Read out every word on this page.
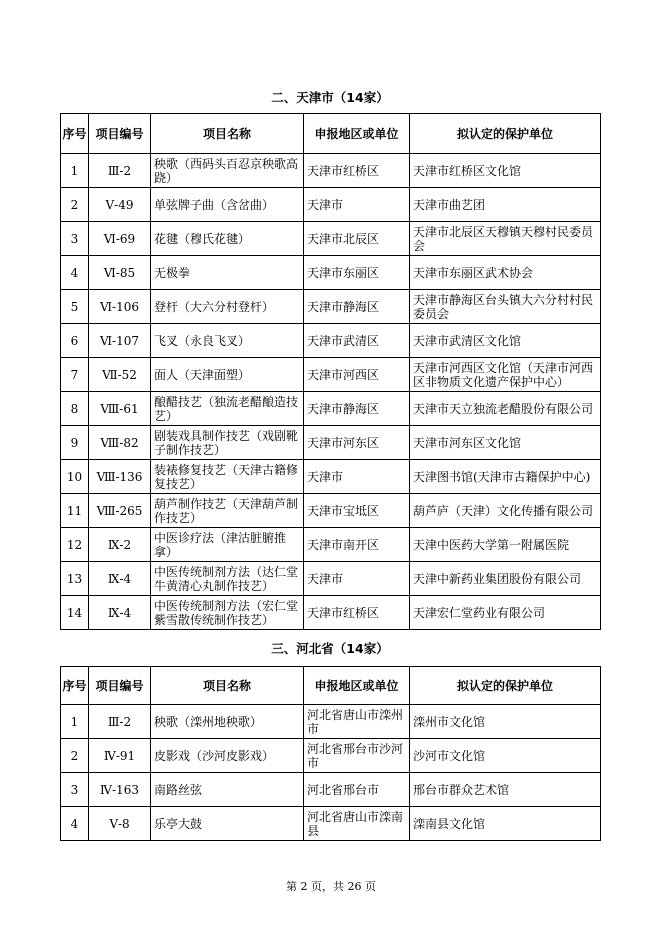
二、天津市（14家）
序号	项目编号	项目名称	申报地区或单位	拟认定的保护单位
1	Ⅲ-2	秧歌（西码头百忍京秧歌高跷）	天津市红桥区	天津市红桥区文化馆
2	Ⅴ-49	单弦牌子曲（含岔曲）	天津市	天津市曲艺团
3	Ⅵ-69	花毽（穆氏花毽）	天津市北辰区	天津市北辰区天穆镇天穆村民委员会
4	Ⅵ-85	无极拳	天津市东丽区	天津市东丽区武术协会
5	Ⅵ-106	登杆（大六分村登杆）	天津市静海区	天津市静海区台头镇大六分村村民委员会
6	Ⅵ-107	飞叉（永良飞叉）	天津市武清区	天津市武清区文化馆
7	Ⅶ-52	面人（天津面塑）	天津市河西区	天津市河西区文化馆（天津市河西区非物质文化遗产保护中心）
8	Ⅷ-61	酿醋技艺（独流老醋酿造技艺）	天津市静海区	天津市天立独流老醋股份有限公司
9	Ⅷ-82	剧装戏具制作技艺（戏剧靴子制作技艺）	天津市河东区	天津市河东区文化馆
10	Ⅷ-136	装裱修复技艺（天津古籍修复技艺）	天津市	天津图书馆(天津市古籍保护中心)
11	Ⅷ-265	葫芦制作技艺（天津葫芦制作技艺）	天津市宝坻区	葫芦庐（天津）文化传播有限公司
12	Ⅸ-2	中医诊疗法（津沽脏腑推拿）	天津市南开区	天津中医药大学第一附属医院
13	Ⅸ-4	中医传统制剂方法（达仁堂牛黄清心丸制作技艺）	天津市	天津中新药业集团股份有限公司
14	Ⅸ-4	中医传统制剂方法（宏仁堂紫雪散传统制作技艺）	天津市红桥区	天津宏仁堂药业有限公司
三、河北省（14家）
序号	项目编号	项目名称	申报地区或单位	拟认定的保护单位
1	Ⅲ-2	秧歌（滦州地秧歌）	河北省唐山市滦州市	滦州市文化馆
2	Ⅳ-91	皮影戏（沙河皮影戏）	河北省邢台市沙河市	沙河市文化馆
3	Ⅳ-163	南路丝弦	河北省邢台市	邢台市群众艺术馆
4	Ⅴ-8	乐亭大鼓	河北省唐山市滦南县	滦南县文化馆
第 2 页，共 26 页
